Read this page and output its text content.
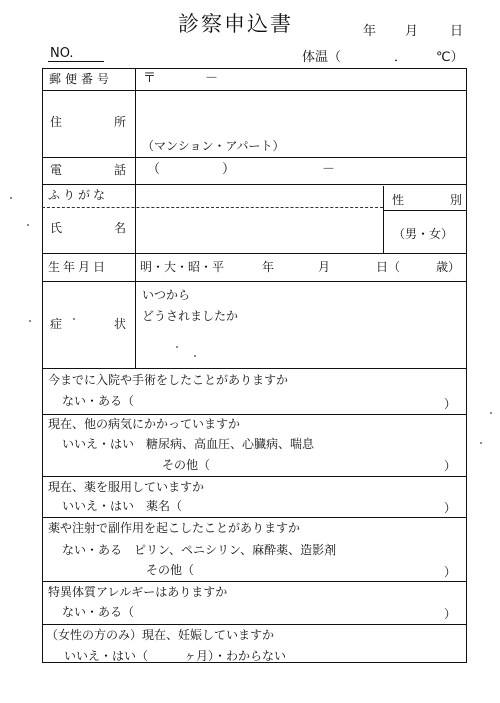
診察申込書	年 月 日
NO.	体温（	． ℃）
郵便番号 〒	－
住	所
（マンション・アパート）
電	話 （	）	－
ふりがな
氏	名
性	別
（男・女）
生年月日	明・大・昭・平	年	月	日（　　　歳）
症	状
いつから
どうされましたか
今までに入院や手術をしたことがありますか
ない・ある（	）
現在、他の病気にかかっていますか
いいえ・はい　糖尿病、高血圧、心臓病、喘息
その他（	）
現在、薬を服用していますか
いいえ・はい　薬名（	）
薬や注射で副作用を起こしたことがありますか
ない・ある　ピリン、ペニシリン、麻酔薬、造影剤
その他（	）
特異体質アレルギーはありますか
ない・ある（	）
（女性の方のみ）現在、妊娠していますか
いいえ・はい（　　　ヶ月）・わからない
